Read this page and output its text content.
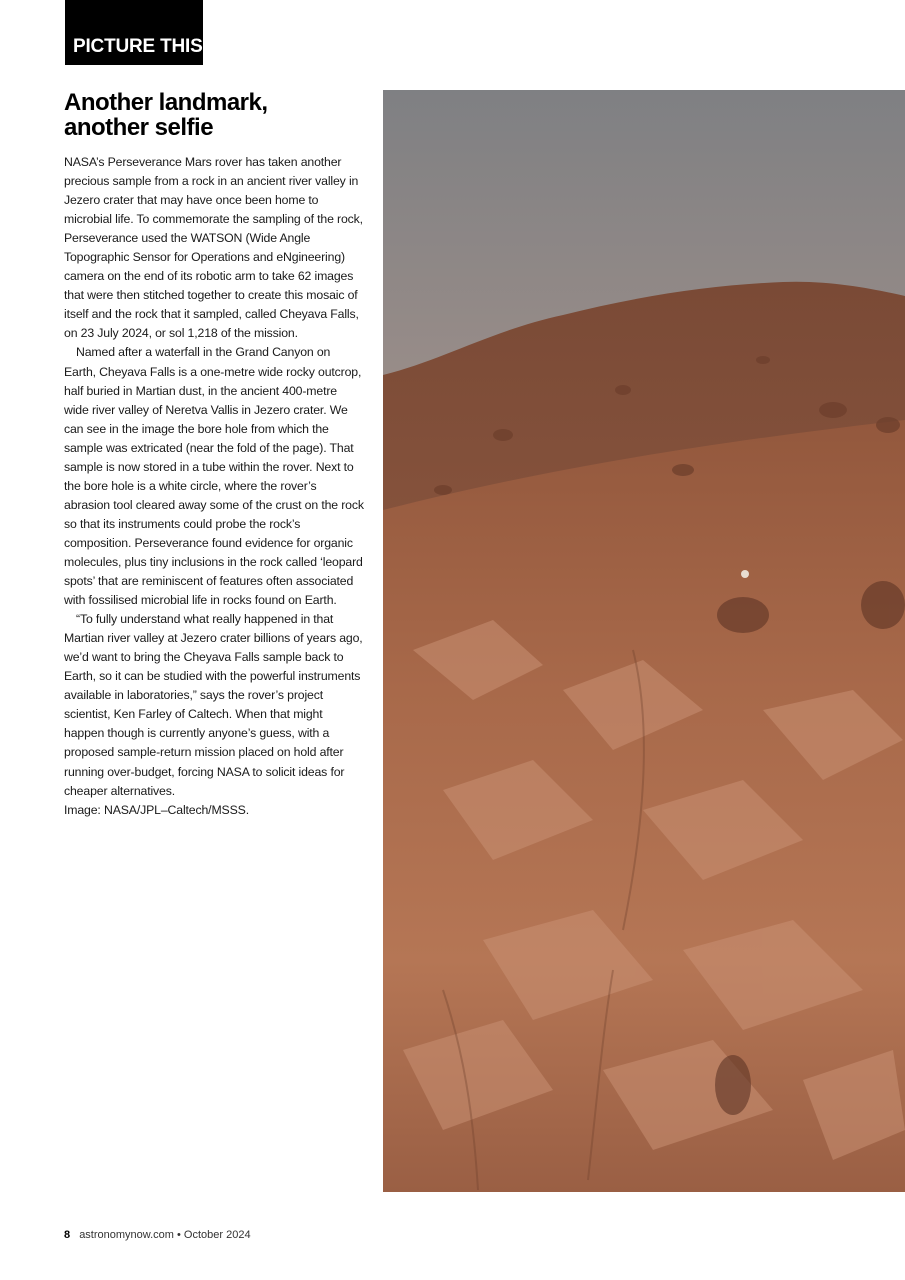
PICTURE THIS
Another landmark,
another selfie

NASA’s Perseverance Mars rover has taken another precious sample from a rock in an ancient river valley in Jezero crater that may have once been home to microbial life. To commemorate the sampling of the rock, Perseverance used the WATSON (Wide Angle Topographic Sensor for Operations and eNgineering) camera on the end of its robotic arm to take 62 images that were then stitched together to create this mosaic of itself and the rock that it sampled, called Cheyava Falls, on 23 July 2024, or sol 1,218 of the mission.

Named after a waterfall in the Grand Canyon on Earth, Cheyava Falls is a one-metre wide rocky outcrop, half buried in Martian dust, in the ancient 400-metre wide river valley of Neretva Vallis in Jezero crater. We can see in the image the bore hole from which the sample was extricated (near the fold of the page). That sample is now stored in a tube within the rover. Next to the bore hole is a white circle, where the rover’s abrasion tool cleared away some of the crust on the rock so that its instruments could probe the rock’s composition. Perseverance found evidence for organic molecules, plus tiny inclusions in the rock called ‘leopard spots’ that are reminiscent of features often associated with fossilised microbial life in rocks found on Earth.

“To fully understand what really happened in that Martian river valley at Jezero crater billions of years ago, we’d want to bring the Cheyava Falls sample back to Earth, so it can be studied with the powerful instruments available in laboratories,” says the rover’s project scientist, Ken Farley of Caltech. When that might happen though is currently anyone’s guess, with a proposed sample-return mission placed on hold after running over-budget, forcing NASA to solicit ideas for cheaper alternatives.

Image: NASA/JPL–Caltech/MSSS.

8 astronomynow.com • October 2024
